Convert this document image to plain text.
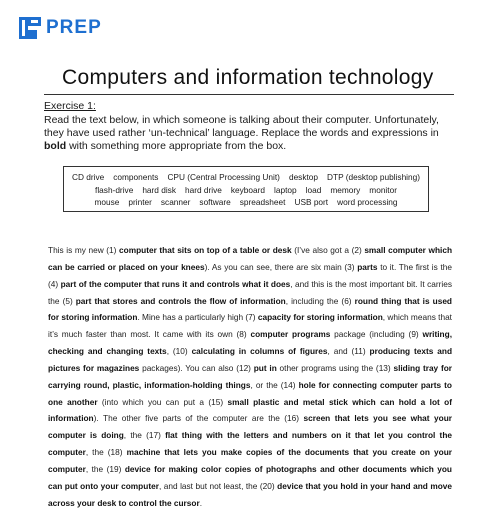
PREP
Computers and information technology
Exercise 1:
Read the text below, in which someone is talking about their computer. Unfortunately, they have used rather ‘un-technical’ language. Replace the words and expressions in bold with something more appropriate from the box.
CD drive components CPU (Central Processing Unit) desktop DTP (desktop publishing)
flash-drive hard disk hard drive keyboard laptop load memory monitor
mouse printer scanner software spreadsheet USB port word processing
This is my new (1) computer that sits on top of a table or desk (I’ve also got a (2) small computer which can be carried or placed on your knees). As you can see, there are six main (3) parts to it. The first is the (4) part of the computer that runs it and controls what it does, and this is the most important bit. It carries the (5) part that stores and controls the flow of information, including the (6) round thing that is used for storing information. Mine has a particularly high (7) capacity for storing information, which means that it’s much faster than most. It came with its own (8) computer programs package (including (9) writing, checking and changing texts, (10) calculating in columns of figures, and (11) producing texts and pictures for magazines packages). You can also (12) put in other programs using the (13) sliding tray for carrying round, plastic, information-holding things, or the (14) hole for connecting computer parts to one another (into which you can put a (15) small plastic and metal stick which can hold a lot of information). The other five parts of the computer are the (16) screen that lets you see what your computer is doing, the (17) flat thing with the letters and numbers on it that let you control the computer, the (18) machine that lets you make copies of the documents that you create on your computer, the (19) device for making color copies of photographs and other documents which you can put onto your computer, and last but not least, the (20) device that you hold in your hand and move across your desk to control the cursor.
